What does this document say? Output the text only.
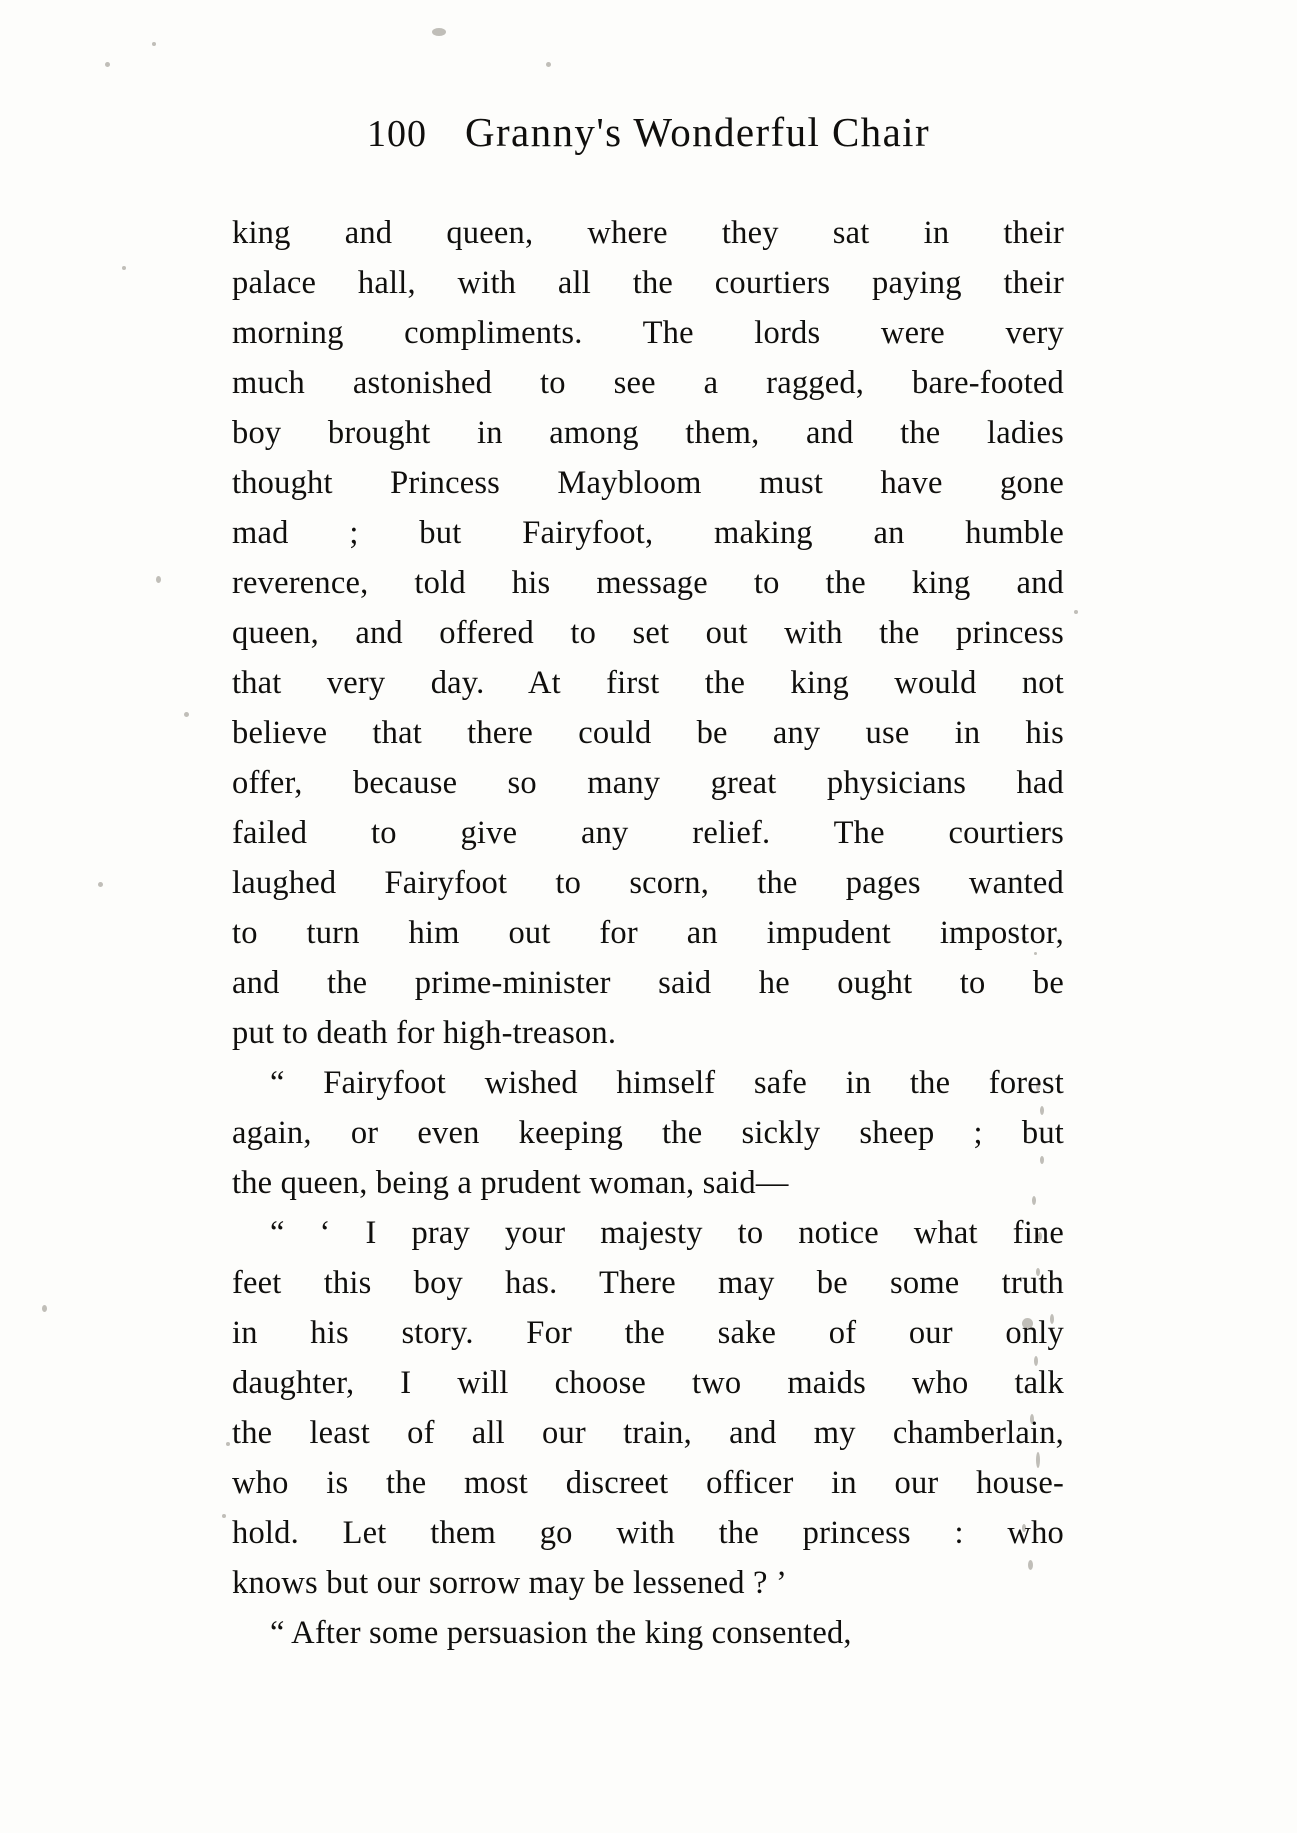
100 Granny's Wonderful Chair

king and queen, where they sat in their
palace hall, with all the courtiers paying their
morning compliments. The lords were very
much astonished to see a ragged, bare-footed
boy brought in among them, and the ladies
thought Princess Maybloom must have gone
mad ; but Fairyfoot, making an humble
reverence, told his message to the king and
queen, and offered to set out with the princess
that very day. At first the king would not
believe that there could be any use in his
offer, because so many great physicians had
failed to give any relief. The courtiers
laughed Fairyfoot to scorn, the pages wanted
to turn him out for an impudent impostor,
and the prime-minister said he ought to be
put to death for high-treason.

“ Fairyfoot wished himself safe in the forest
again, or even keeping the sickly sheep ; but
the queen, being a prudent woman, said—

“ ‘ I pray your majesty to notice what fine
feet this boy has. There may be some truth
in his story. For the sake of our only
daughter, I will choose two maids who talk
the least of all our train, and my chamberlain,
who is the most discreet officer in our house-
hold. Let them go with the princess : who
knows but our sorrow may be lessened ? ’

“ After some persuasion the king consented,
